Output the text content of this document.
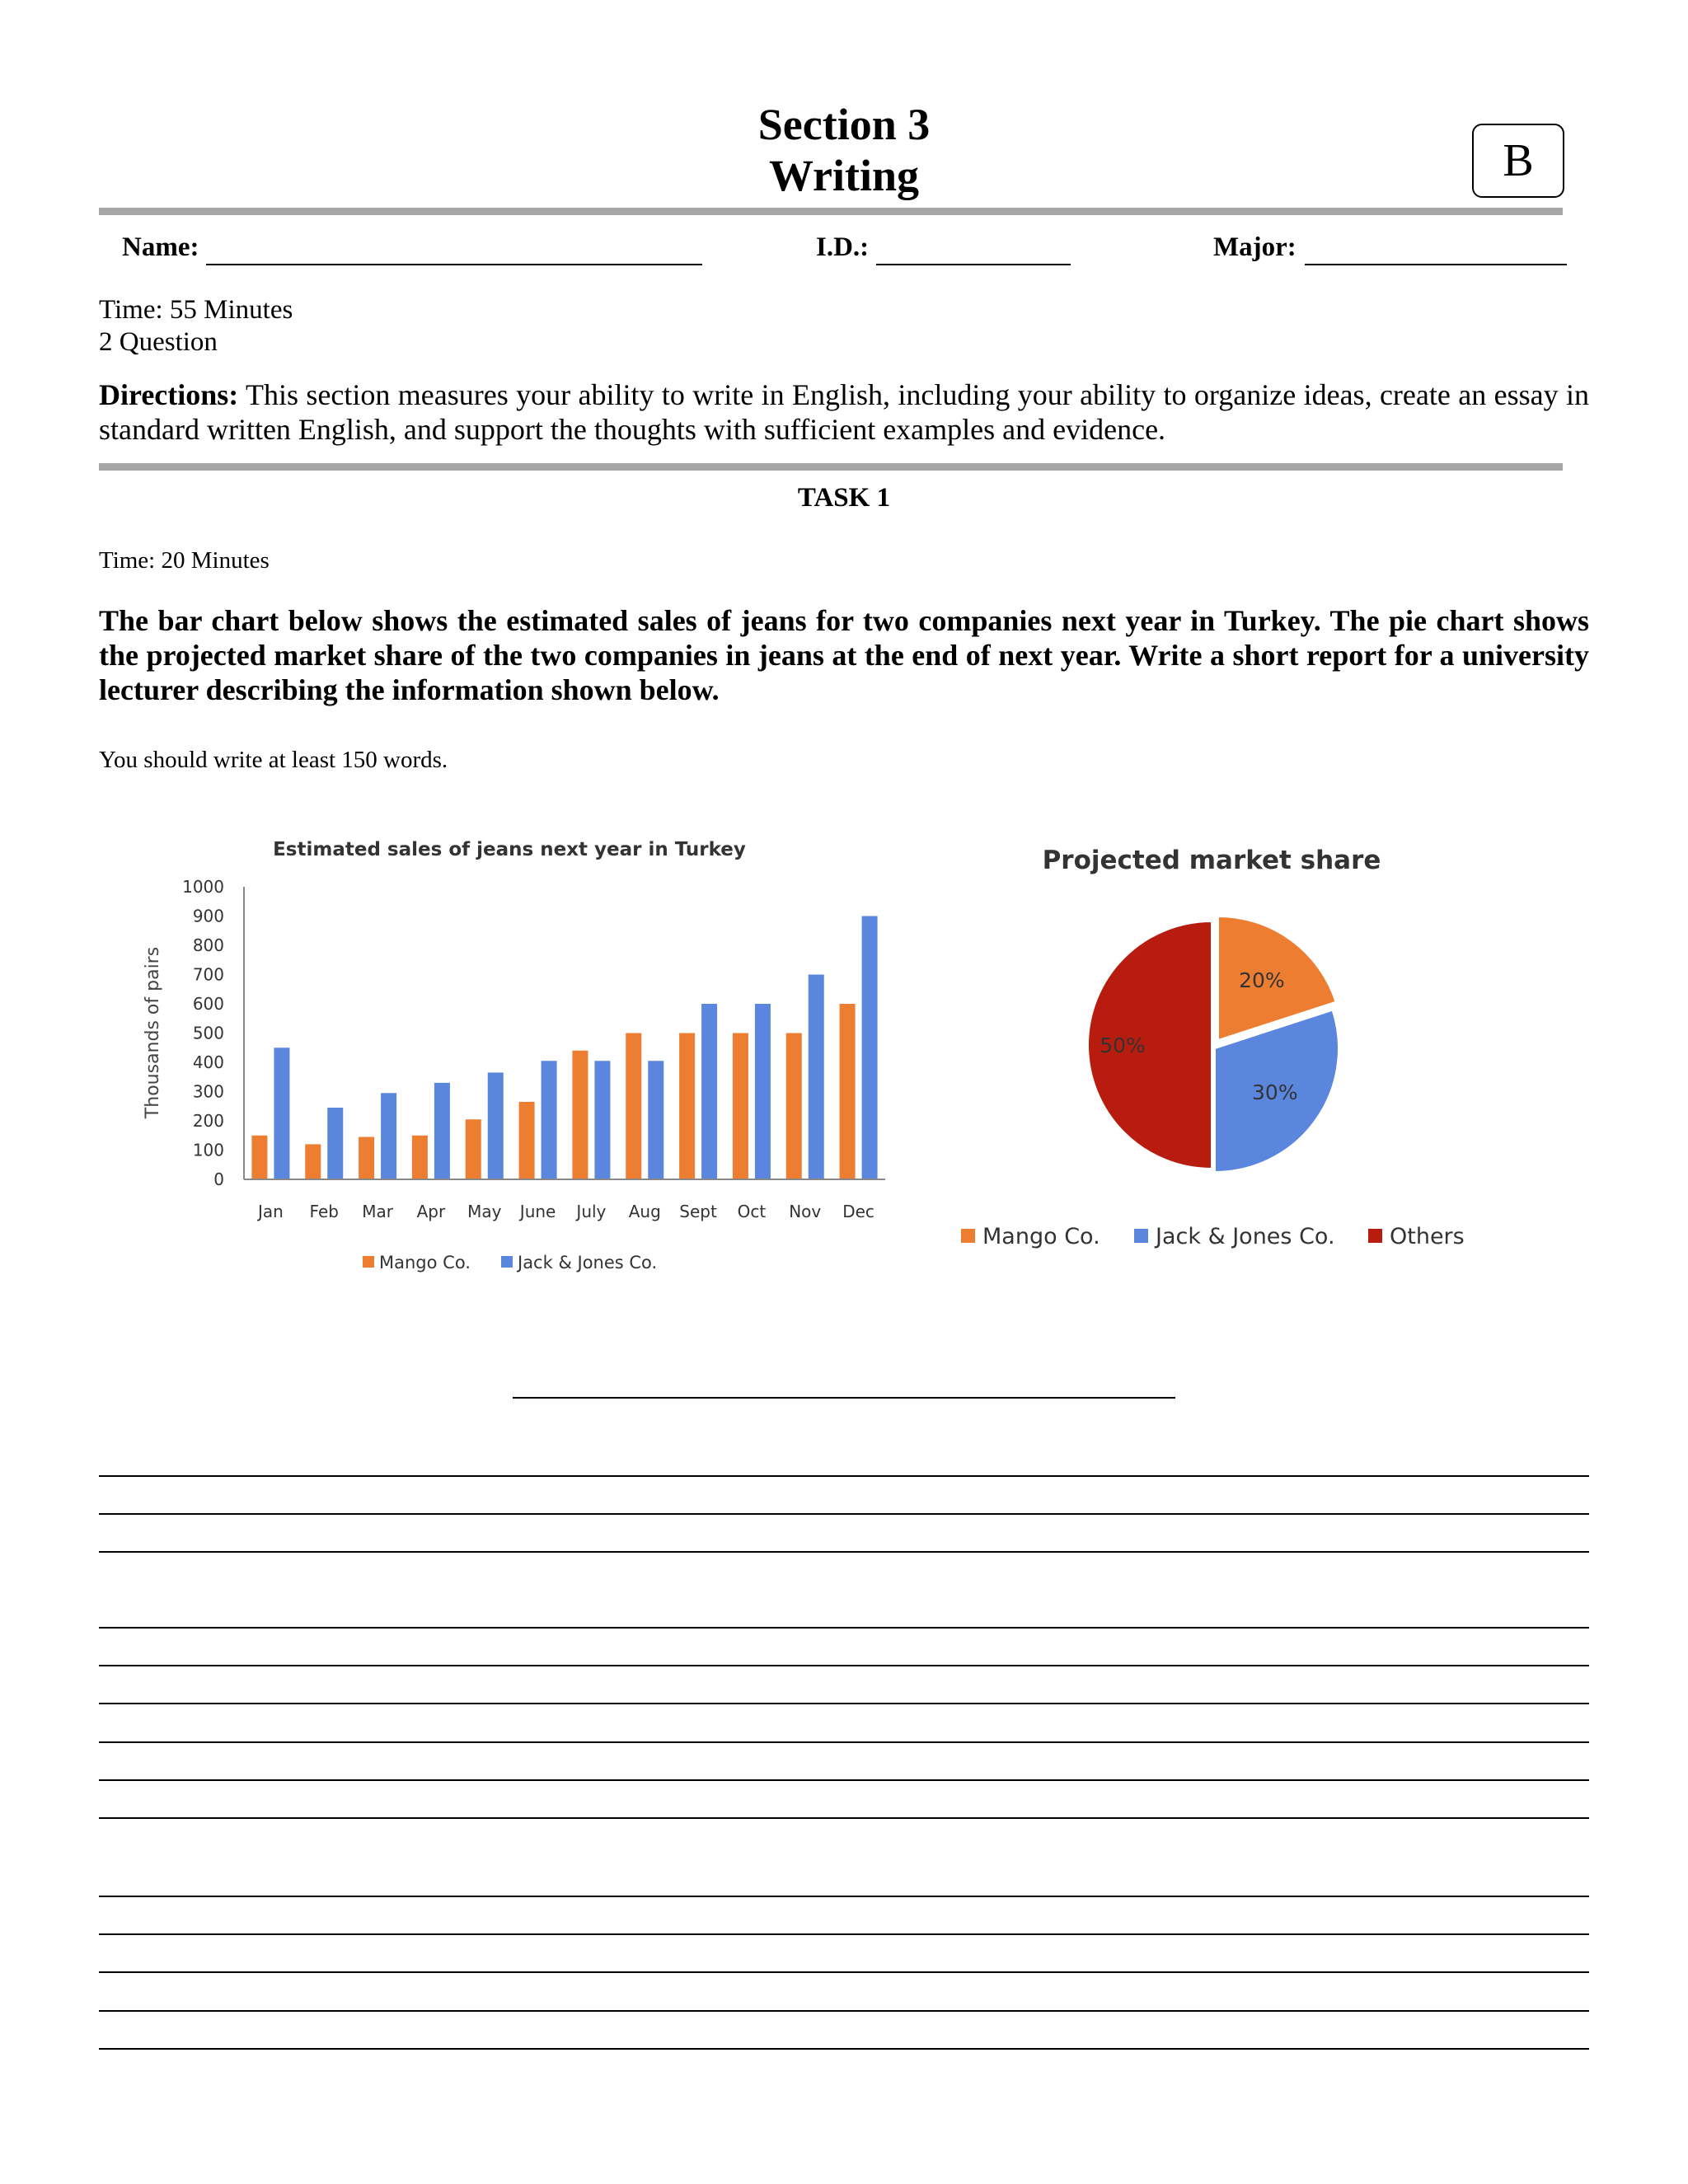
Section 3
Writing	B
Name:	I.D.:	Major:
Time: 55 Minutes
2 Question
Directions: This section measures your ability to write in English, including your ability to organize ideas, create an essay in standard written English, and support the thoughts with sufficient examples and evidence.
TASK 1
Time: 20 Minutes
The bar chart below shows the estimated sales of jeans for two companies next year in Turkey. The pie chart shows the projected market share of the two companies in jeans at the end of next year. Write a short report for a university lecturer describing the information shown below.
You should write at least 150 words.
Estimated sales of jeans next year in Turkey
Thousands of pairs
0
100
200
300
400
500
600
700
800
900
1000
Jan Feb Mar Apr May June July Aug Sept Oct Nov Dec
Mango Co.	Jack & Jones Co.
Projected market share
20%
30%
50%
Mango Co. Jack & Jones Co. Others
